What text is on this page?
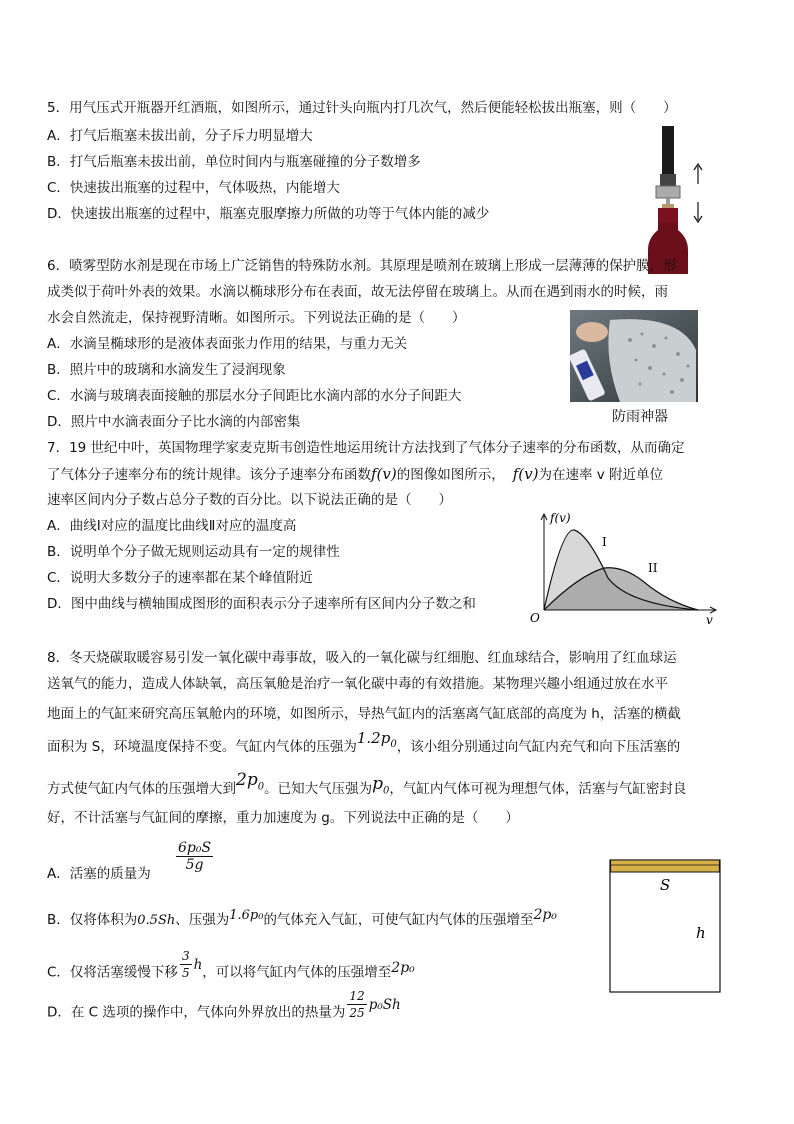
5．用气压式开瓶器开红酒瓶，如图所示，通过针头向瓶内打几次气，然后便能轻松拔出瓶塞，则（　　）
A．打气后瓶塞未拔出前，分子斥力明显增大
B．打气后瓶塞未拔出前，单位时间内与瓶塞碰撞的分子数增多
C．快速拔出瓶塞的过程中，气体吸热，内能增大
D．快速拔出瓶塞的过程中，瓶塞克服摩擦力所做的功等于气体内能的减少
6．喷雾型防水剂是现在市场上广泛销售的特殊防水剂。其原理是喷剂在玻璃上形成一层薄薄的保护膜，形
成类似于荷叶外表的效果。水滴以椭球形分布在表面，故无法停留在玻璃上。从而在遇到雨水的时候，雨
水会自然流走，保持视野清晰。如图所示。下列说法正确的是（　　）
A．水滴呈椭球形的是液体表面张力作用的结果，与重力无关
B．照片中的玻璃和水滴发生了浸润现象
C．水滴与玻璃表面接触的那层水分子间距比水滴内部的水分子间距大
D．照片中水滴表面分子比水滴的内部密集	防雨神器
7．19 世纪中叶，英国物理学家麦克斯韦创造性地运用统计方法找到了气体分子速率的分布函数，从而确定
了气体分子速率分布的统计规律。该分子速率分布函数f(v)的图像如图所示， f(v)为在速率 v 附近单位
速率区间内分子数占总分子数的百分比。以下说法正确的是（　　）
A．曲线Ⅰ对应的温度比曲线Ⅱ对应的温度高
B．说明单个分子做无规则运动具有一定的规律性
C．说明大多数分子的速率都在某个峰值附近
D．图中曲线与横轴围成图形的面积表示分子速率所有区间内分子数之和
f(v)
v
O
I
II
8．冬天烧碳取暖容易引发一氧化碳中毒事故，吸入的一氧化碳与红细胞、红血球结合，影响用了红血球运
送氧气的能力，造成人体缺氧，高压氧舱是治疗一氧化碳中毒的有效措施。某物理兴趣小组通过放在水平
地面上的气缸来研究高压氧舱内的环境，如图所示，导热气缸内的活塞离气缸底部的高度为 h，活塞的横截
面积为 S，环境温度保持不变。气缸内气体的压强为$1.2p_0$，该小组分别通过向气缸内充气和向下压活塞的
方式使气缸内气体的压强增大到$2p_0$。已知大气压强为$p_0$，气缸内气体可视为理想气体，活塞与气缸密封良
好，不计活塞与气缸间的摩擦，重力加速度为 g。下列说法中正确的是（　　）
A．活塞的质量为
$\frac{\text{6p₀S}}{5g}$
B．仅将体积为0.5Sh、压强为1.6p₀的气体充入气缸，可使气缸内气体的压强增至2p₀
C．仅将活塞缓慢下移 $\frac{3}{5}$ h，可以将气缸内气体的压强增至2p₀
D．在 C 选项的操作中，气体向外界放出的热量为 $\frac{12}{25} p_0Sh$
S
h
